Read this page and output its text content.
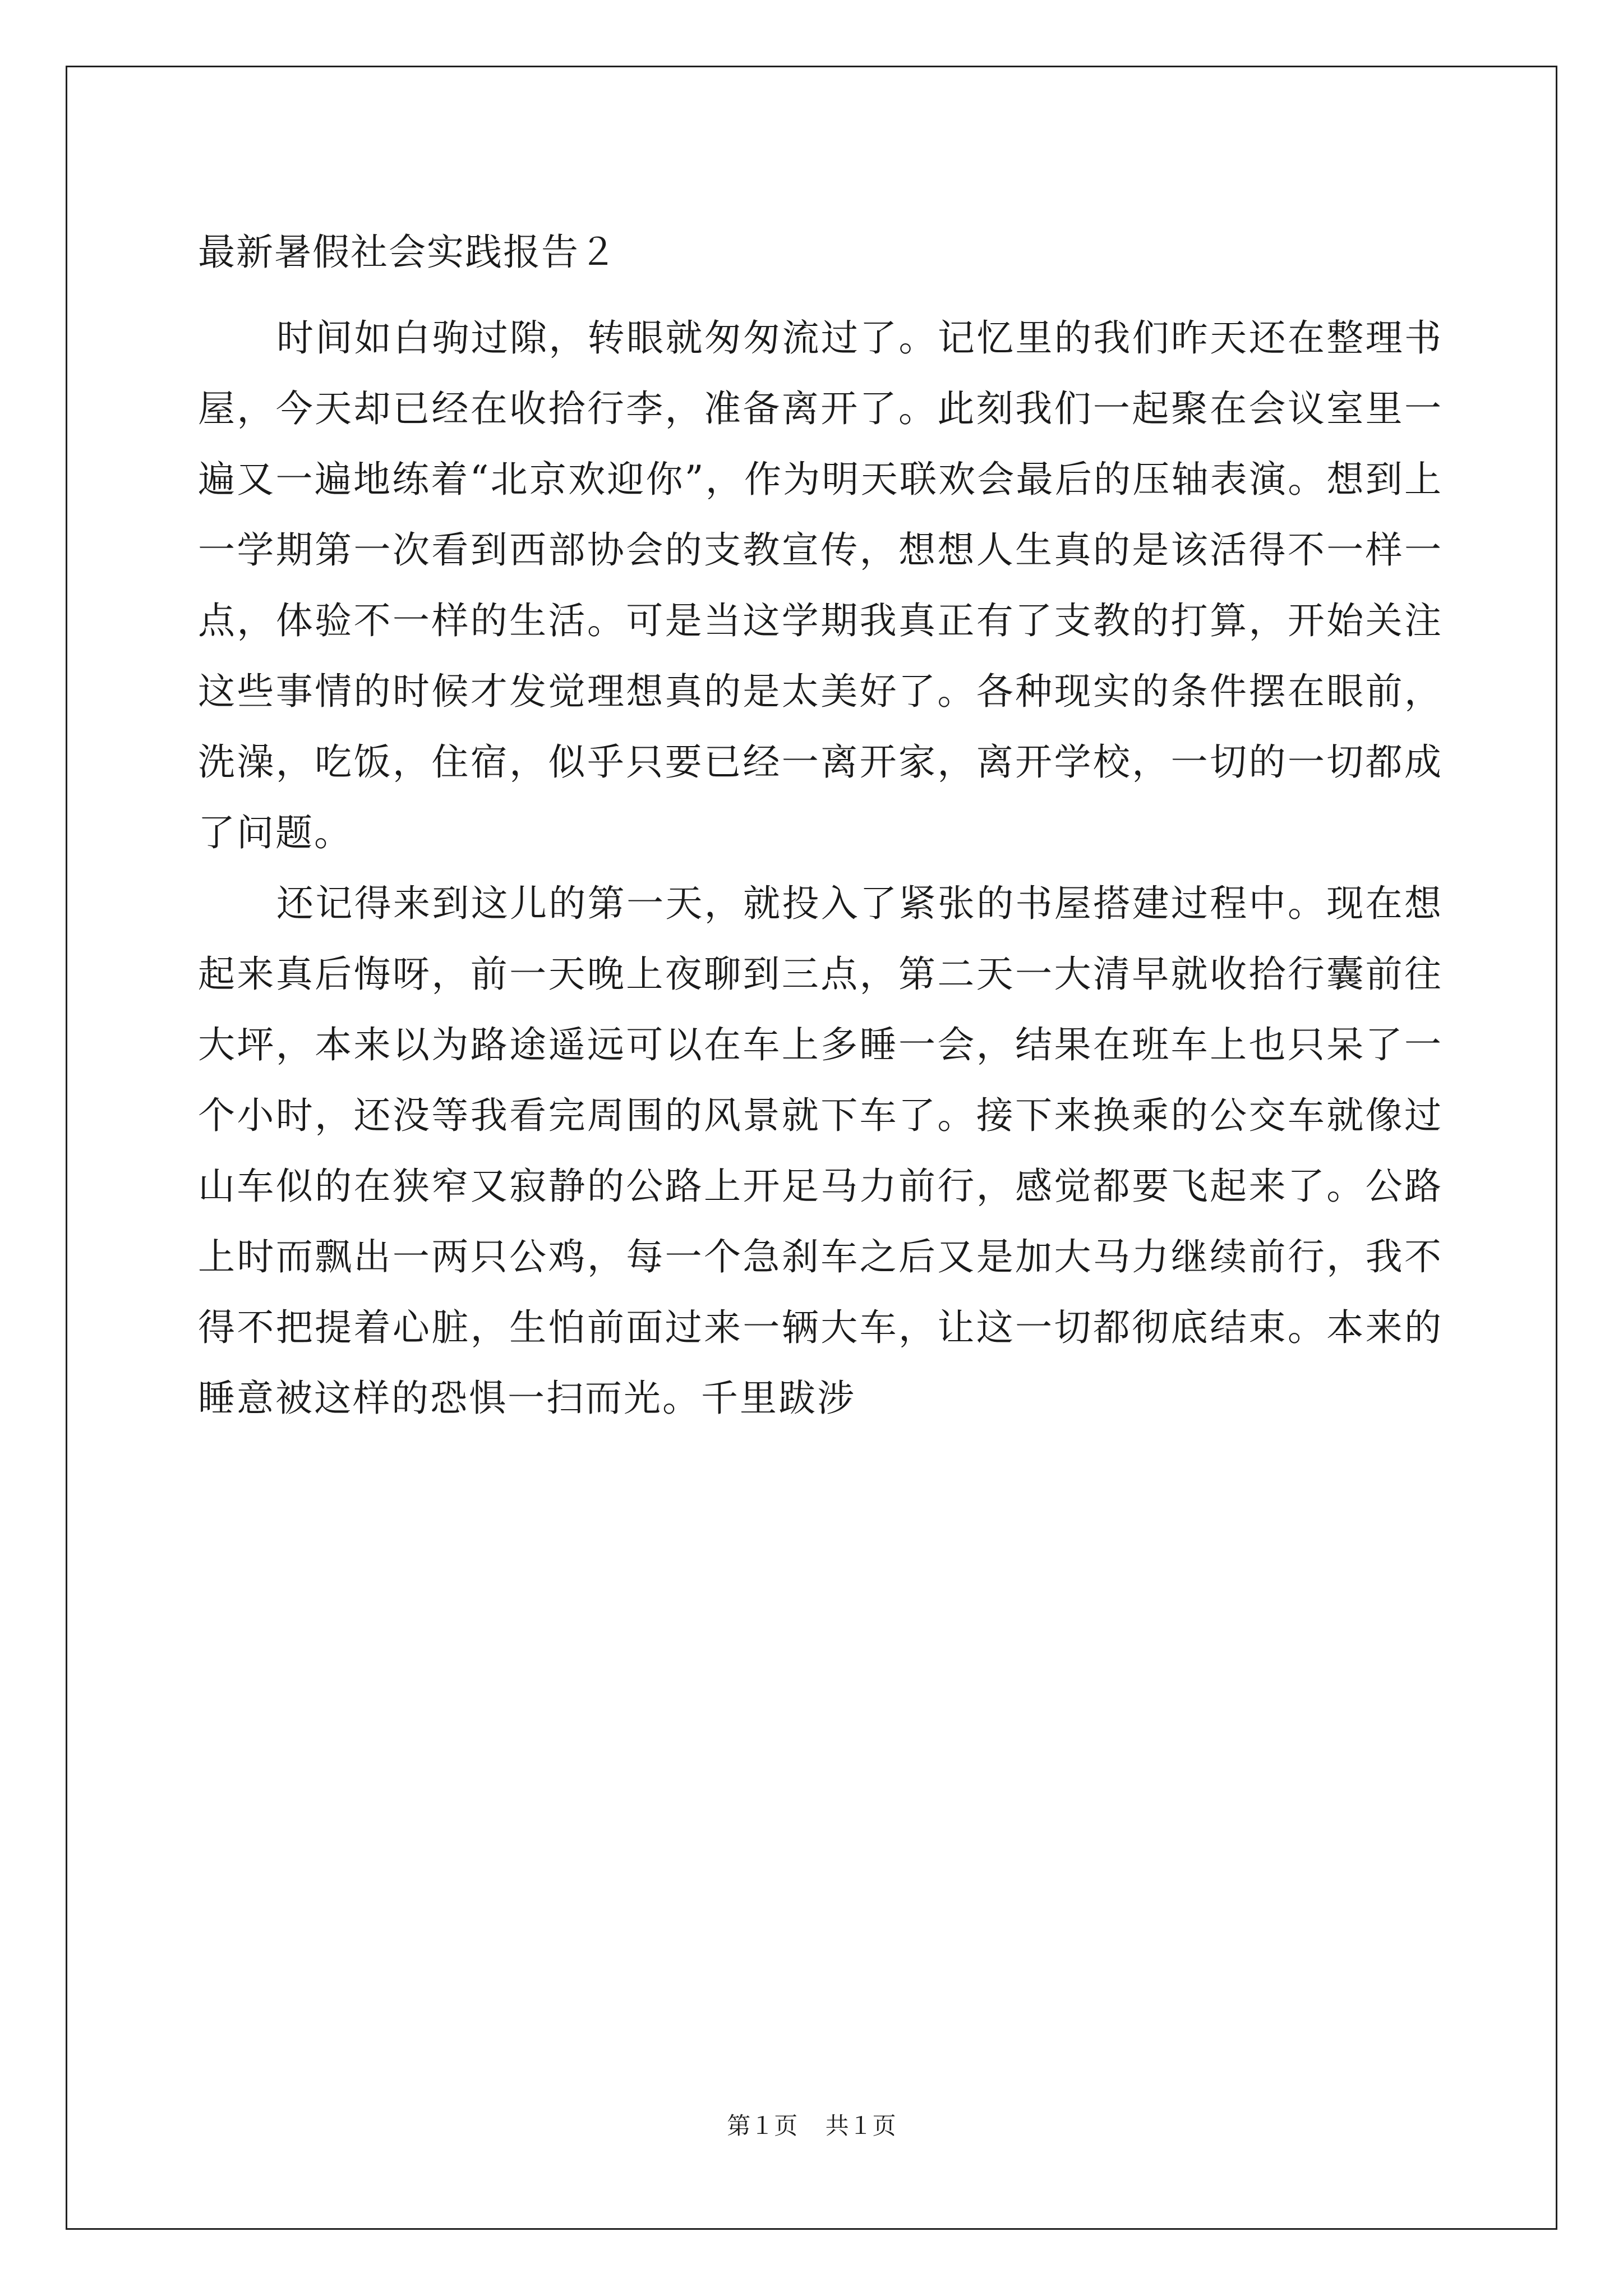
最新暑假社会实践报告２

时间如白驹过隙，转眼就匆匆流过了。记忆里的我们昨天还在整理书屋，今天却已经在收拾行李，准备离开了。此刻我们一起聚在会议室里一遍又一遍地练着“北京欢迎你”，作为明天联欢会最后的压轴表演。想到上一学期第一次看到西部协会的支教宣传，想想人生真的是该活得不一样一点，体验不一样的生活。可是当这学期我真正有了支教的打算，开始关注这些事情的时候才发觉理想真的是太美好了。各种现实的条件摆在眼前，洗澡，吃饭，住宿，似乎只要已经一离开家，离开学校，一切的一切都成了问题。

还记得来到这儿的第一天，就投入了紧张的书屋搭建过程中。现在想起来真后悔呀，前一天晚上夜聊到三点，第二天一大清早就收拾行囊前往大坪，本来以为路途遥远可以在车上多睡一会，结果在班车上也只呆了一个小时，还没等我看完周围的风景就下车了。接下来换乘的公交车就像过山车似的在狭窄又寂静的公路上开足马力前行，感觉都要飞起来了。公路上时而飘出一两只公鸡，每一个急刹车之后又是加大马力继续前行，我不得不把提着心脏，生怕前面过来一辆大车，让这一切都彻底结束。本来的睡意被这样的恐惧一扫而光。千里跋涉

第１页 共１页
